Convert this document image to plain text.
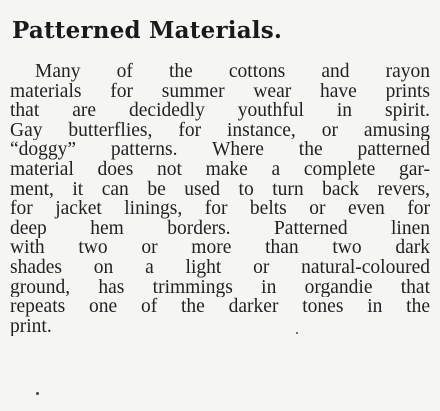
Patterned Materials.
Many of the cottons and rayon
materials for summer wear have prints
that are decidedly youthful in spirit.
Gay butterflies, for instance, or amusing
“doggy” patterns. Where the patterned
material does not make a complete gar-
ment, it can be used to turn back revers,
for jacket linings, for belts or even for
deep hem borders. Patterned linen
with two or more than two dark
shades on a light or natural-coloured
ground, has trimmings in organdie that
repeats one of the darker tones in the
print.
